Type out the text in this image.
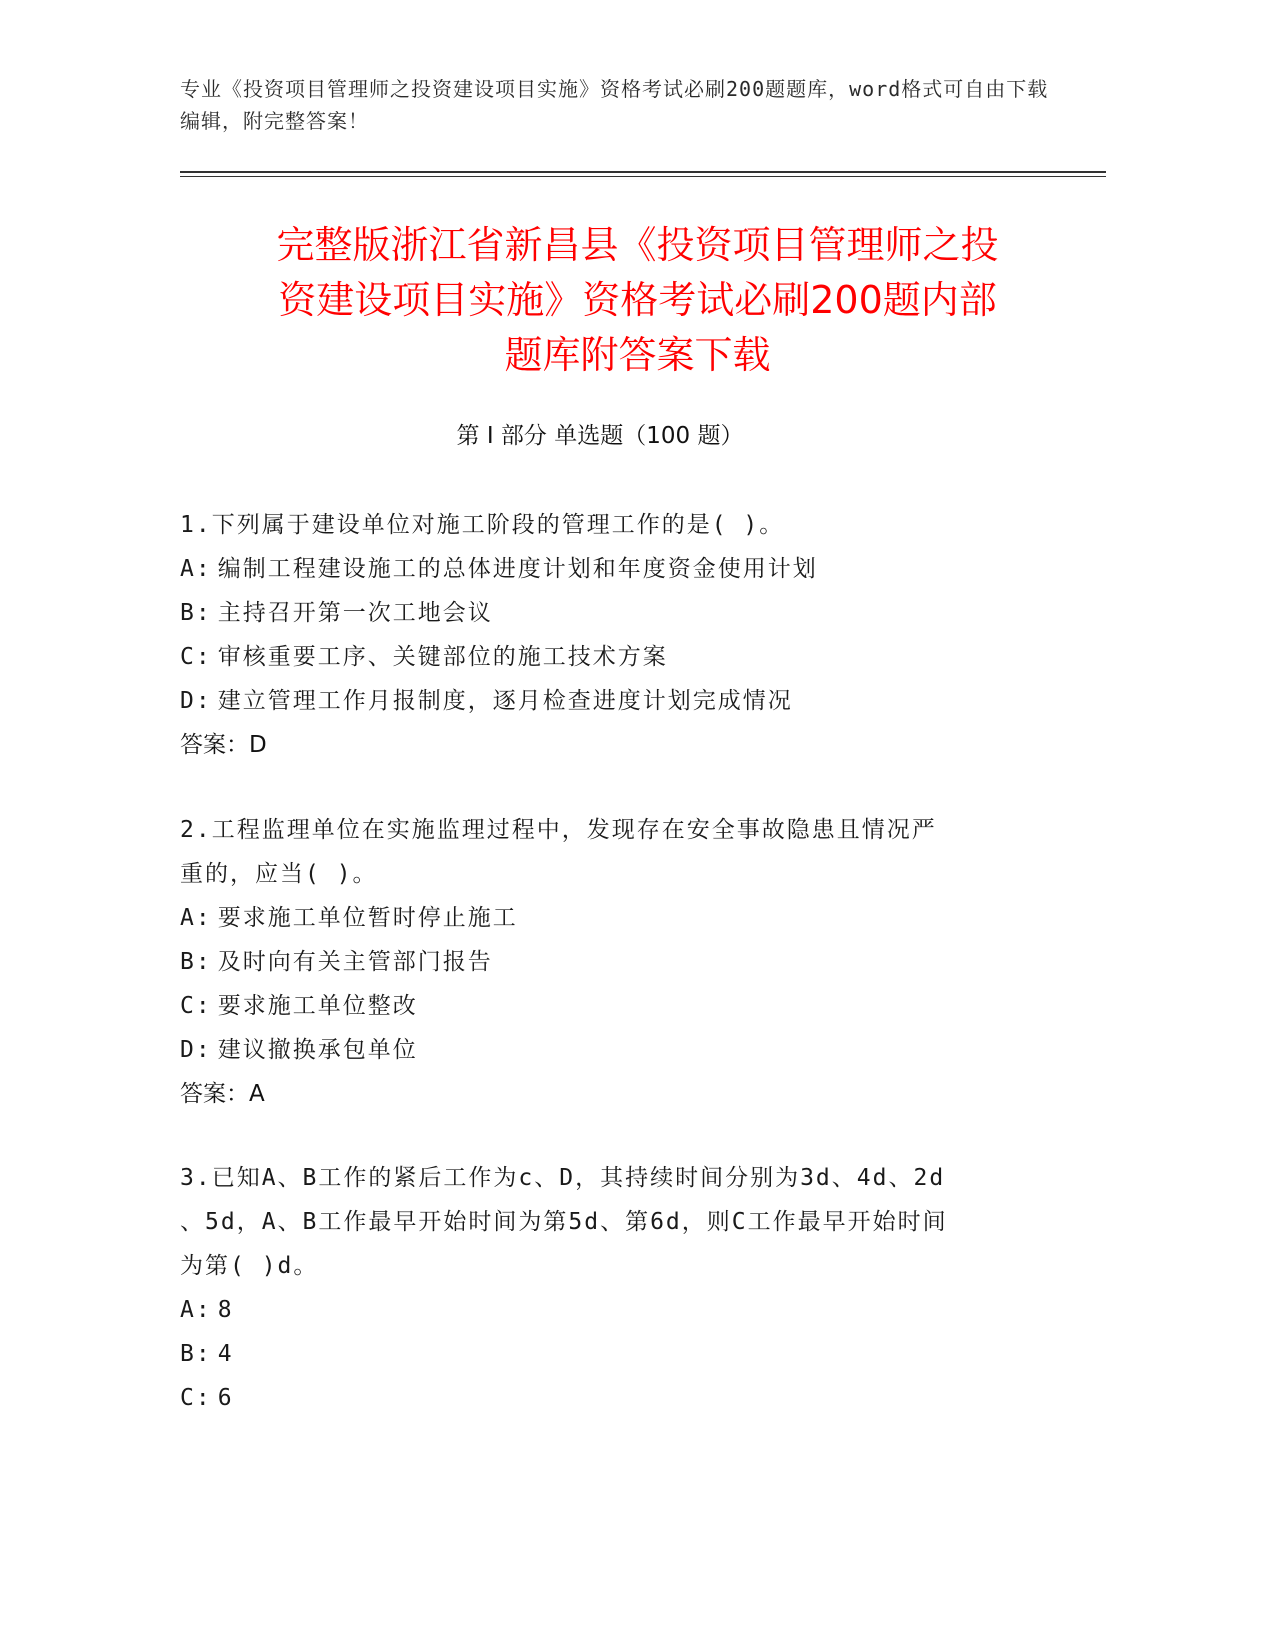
专业《投资项目管理师之投资建设项目实施》资格考试必刷200题题库，word格式可自由下载编辑，附完整答案！
完整版浙江省新昌县《投资项目管理师之投
资建设项目实施》资格考试必刷200题内部
题库附答案下载
第 I 部分 单选题（100 题）
1.下列属于建设单位对施工阶段的管理工作的是( )。
A: 编制工程建设施工的总体进度计划和年度资金使用计划
B: 主持召开第一次工地会议
C: 审核重要工序、关键部位的施工技术方案
D: 建立管理工作月报制度，逐月检查进度计划完成情况
答案：D
2.工程监理单位在实施监理过程中，发现存在安全事故隐患且情况严
重的，应当( )。
A: 要求施工单位暂时停止施工
B: 及时向有关主管部门报告
C: 要求施工单位整改
D: 建议撤换承包单位
答案：A
3.已知A、B工作的紧后工作为c、D，其持续时间分别为3d、4d、2d
、5d，A、B工作最早开始时间为第5d、第6d，则C工作最早开始时间
为第( )d。
A: 8
B: 4
C: 6
